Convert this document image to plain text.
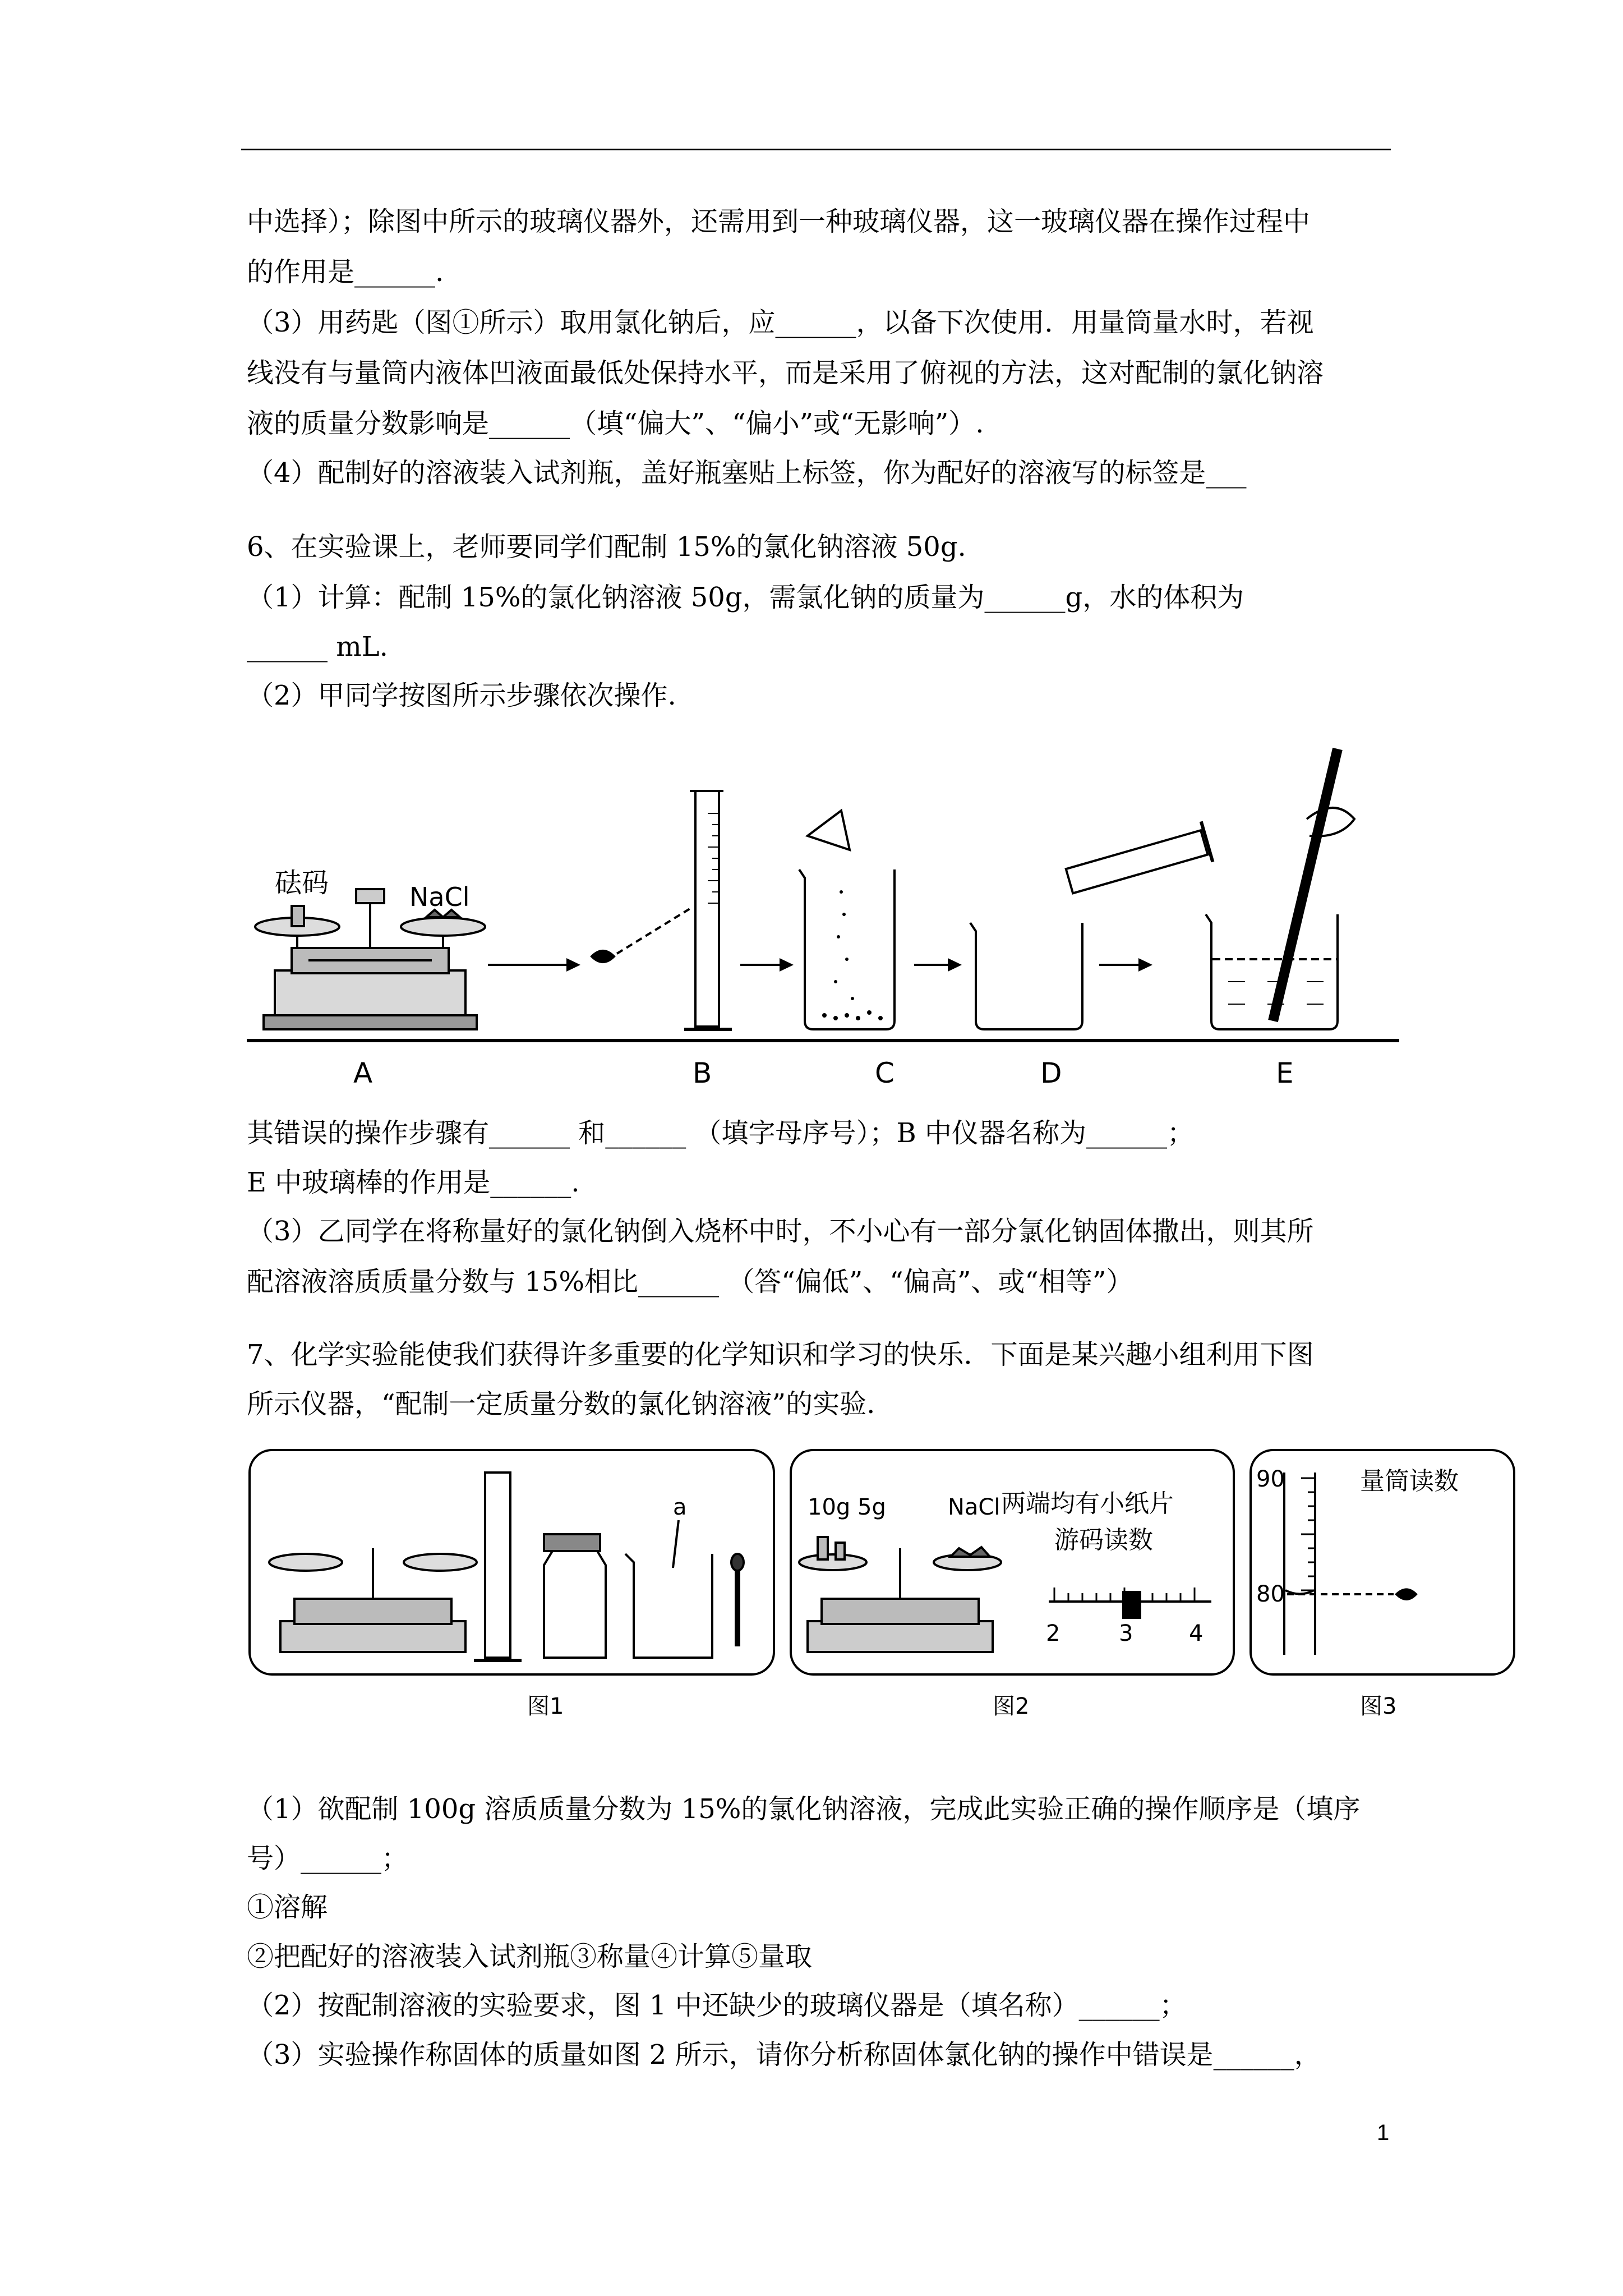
中选择）；除图中所示的玻璃仪器外，还需用到一种玻璃仪器，这一玻璃仪器在操作过程中
的作用是______.
（3）用药匙（图①所示）取用氯化钠后，应______，以备下次使用．用量筒量水时，若视
线没有与量筒内液体凹液面最低处保持水平，而是采用了俯视的方法，这对配制的氯化钠溶
液的质量分数影响是______（填“偏大”、“偏小”或“无影响”）.
（4）配制好的溶液装入试剂瓶，盖好瓶塞贴上标签，你为配好的溶液写的标签是___
6、在实验课上，老师要同学们配制 15%的氯化钠溶液 50g.
（1）计算：配制 15%的氯化钠溶液 50g，需氯化钠的质量为______g，水的体积为
______ mL.
（2）甲同学按图所示步骤依次操作.
砝码	NaCl
A	B	C	D	E
其错误的操作步骤有______ 和______ （填字母序号）；B 中仪器名称为______；
E 中玻璃棒的作用是______.
（3）乙同学在将称量好的氯化钠倒入烧杯中时，不小心有一部分氯化钠固体撒出，则其所
配溶液溶质质量分数与 15%相比______ （答“偏低”、“偏高”、或“相等”）
7、化学实验能使我们获得许多重要的化学知识和学习的快乐．下面是某兴趣小组利用下图
所示仪器，“配制一定质量分数的氯化钠溶液”的实验.
a	10g 5g	NaCl 两端均有小纸片
游码读数
2	3 4
90
80
量筒读数
图1	图2	图3
（1）欲配制 100g 溶质质量分数为 15%的氯化钠溶液，完成此实验正确的操作顺序是（填序
号）______；
①溶解
②把配好的溶液装入试剂瓶③称量④计算⑤量取
（2）按配制溶液的实验要求，图 1 中还缺少的玻璃仪器是（填名称）______；
（3）实验操作称固体的质量如图 2 所示，请你分析称固体氯化钠的操作中错误是______，
1
